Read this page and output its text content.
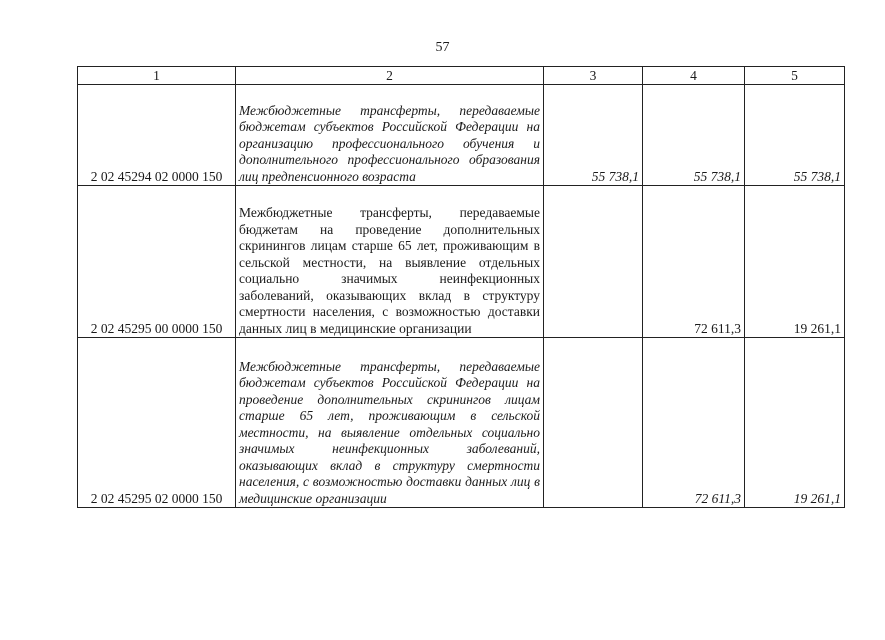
57
1	2	3	4	5
2 02 45294 02 0000 150	Межбюджетные трансферты, передаваемые бюджетам субъектов Российской Федерации на организацию профессионального обучения и дополнительного профессионального образования лиц предпенсионного возраста	55 738,1	55 738,1	55 738,1
2 02 45295 00 0000 150	Межбюджетные трансферты, передаваемые бюджетам на проведение дополнительных скринингов лицам старше 65 лет, проживающим в сельской местности, на выявление отдельных социально значимых неинфекционных заболеваний, оказывающих вклад в структуру смертности населения, с возможностью доставки данных лиц в медицинские организации		72 611,3	19 261,1
2 02 45295 02 0000 150	Межбюджетные трансферты, передаваемые бюджетам субъектов Российской Федерации на проведение дополнительных скринингов лицам старше 65 лет, проживающим в сельской местности, на выявление отдельных социально значимых неинфекционных заболеваний, оказывающих вклад в структуру смертности населения, с возможностью доставки данных лиц в медицинские организации		72 611,3	19 261,1
